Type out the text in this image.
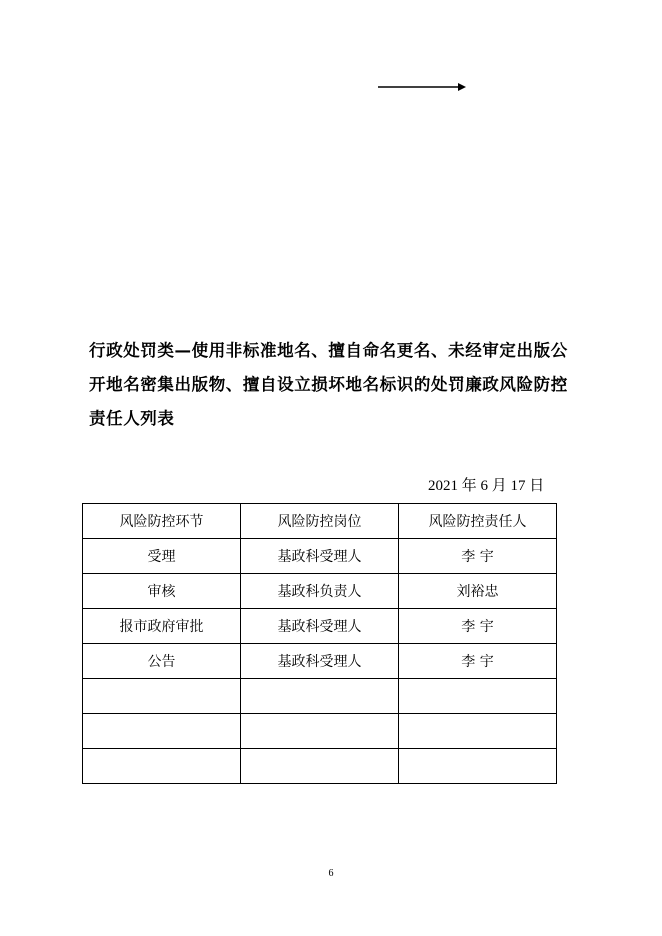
行政处罚类—使用非标准地名、擅自命名更名、未经审定出版公
开地名密集出版物、擅自设立损坏地名标识的处罚廉政风险防控
责任人列表
2021 年 6 月 17 日
风险防控环节	风险防控岗位	风险防控责任人
受理	基政科受理人	李 宇
审核	基政科负责人	刘裕忠
报市政府审批	基政科受理人	李 宇
公告	基政科受理人	李 宇

6
